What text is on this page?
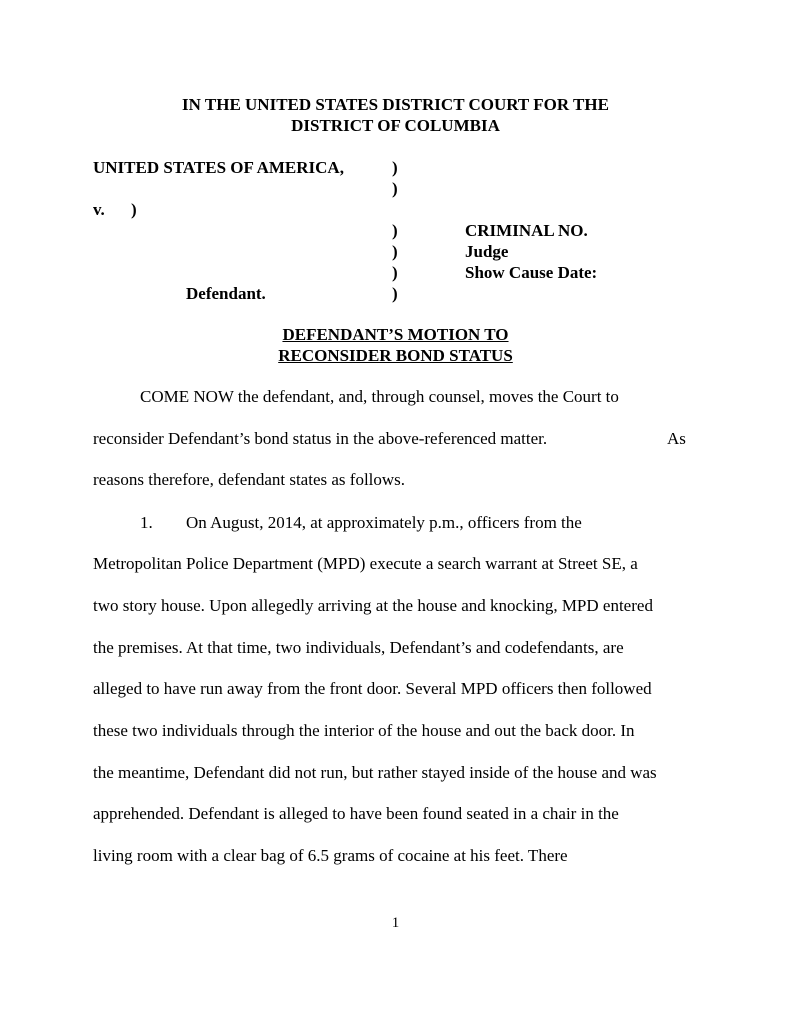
IN THE UNITED STATES DISTRICT COURT FOR THE
DISTRICT OF COLUMBIA
UNITED STATES OF AMERICA,	)
)
v. )
)	CRIMINAL NO.
)	Judge
)	Show Cause Date:
Defendant.	)
DEFENDANT’S MOTION TO
RECONSIDER BOND STATUS
COME NOW the defendant, and, through counsel, moves the Court to
reconsider Defendant’s bond status in the above-referenced matter.	As
reasons therefore, defendant states as follows.
1. On August, 2014, at approximately p.m., officers from the
Metropolitan Police Department (MPD) execute a search warrant at Street SE, a
two story house. Upon allegedly arriving at the house and knocking, MPD entered
the premises. At that time, two individuals, Defendant’s and codefendants, are
alleged to have run away from the front door. Several MPD officers then followed
these two individuals through the interior of the house and out the back door. In
the meantime, Defendant did not run, but rather stayed inside of the house and was
apprehended. Defendant is alleged to have been found seated in a chair in the
living room with a clear bag of 6.5 grams of cocaine at his feet. There
1
